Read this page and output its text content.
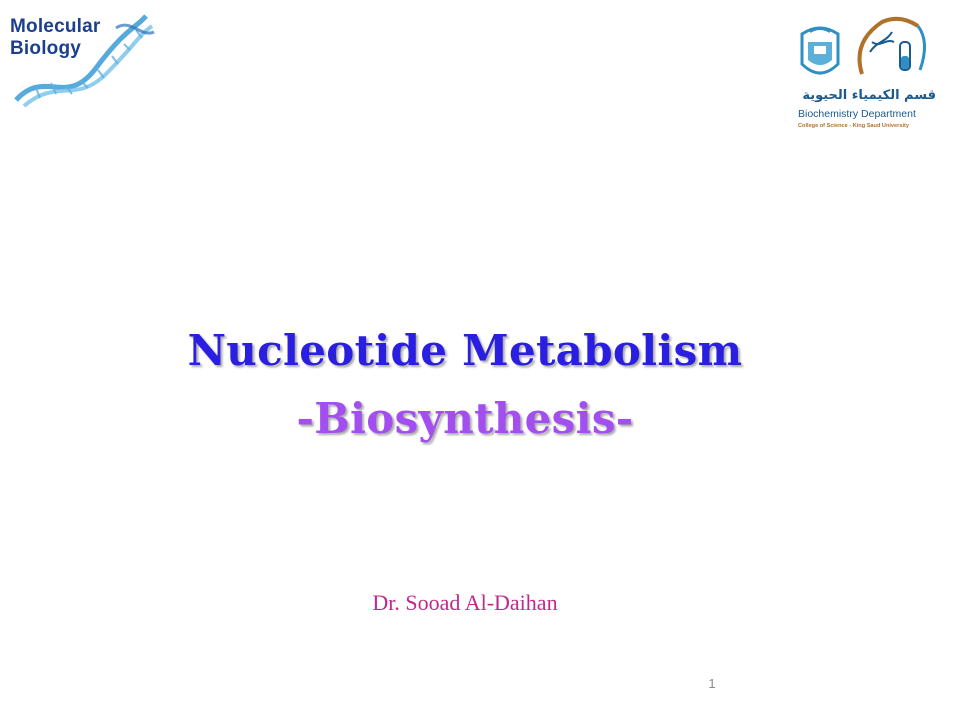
Molecular
Biology
قسم الكيمياء الحيوية
Biochemistry Department
College of Science - King Saud University
Nucleotide Metabolism
-Biosynthesis-
Dr. Sooad Al-Daihan
1
